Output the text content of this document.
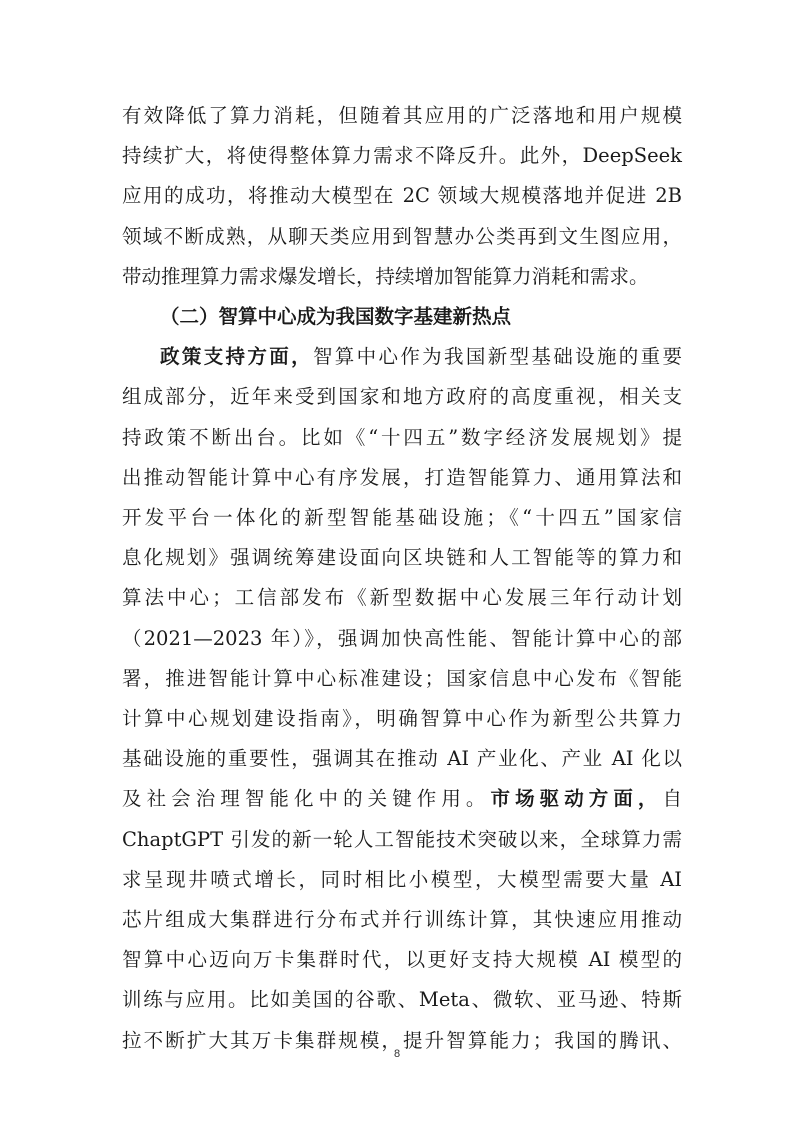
有效降低了算力消耗，但随着其应用的广泛落地和用户规模
持续扩大，将使得整体算力需求不降反升。此外，DeepSeek
应用的成功，将推动大模型在 2C 领域大规模落地并促进 2B
领域不断成熟，从聊天类应用到智慧办公类再到文生图应用，
带动推理算力需求爆发增长，持续增加智能算力消耗和需求。
（二）智算中心成为我国数字基建新热点
政策支持方面，智算中心作为我国新型基础设施的重要
组成部分，近年来受到国家和地方政府的高度重视，相关支
持政策不断出台。比如《“十四五”数字经济发展规划》提
出推动智能计算中心有序发展，打造智能算力、通用算法和
开发平台一体化的新型智能基础设施；《“十四五”国家信
息化规划》强调统筹建设面向区块链和人工智能等的算力和
算法中心；工信部发布《新型数据中心发展三年行动计划
（2021—2023 年）》，强调加快高性能、智能计算中心的部
署，推进智能计算中心标准建设；国家信息中心发布《智能
计算中心规划建设指南》，明确智算中心作为新型公共算力
基础设施的重要性，强调其在推动 AI 产业化、产业 AI 化以
及社会治理智能化中的关键作用。市场驱动方面，自
ChaptGPT 引发的新一轮人工智能技术突破以来，全球算力需
求呈现井喷式增长，同时相比小模型，大模型需要大量 AI
芯片组成大集群进行分布式并行训练计算，其快速应用推动
智算中心迈向万卡集群时代，以更好支持大规模 AI 模型的
训练与应用。比如美国的谷歌、Meta、微软、亚马逊、特斯
拉不断扩大其万卡集群规模，提升智算能力；我国的腾讯、
8
